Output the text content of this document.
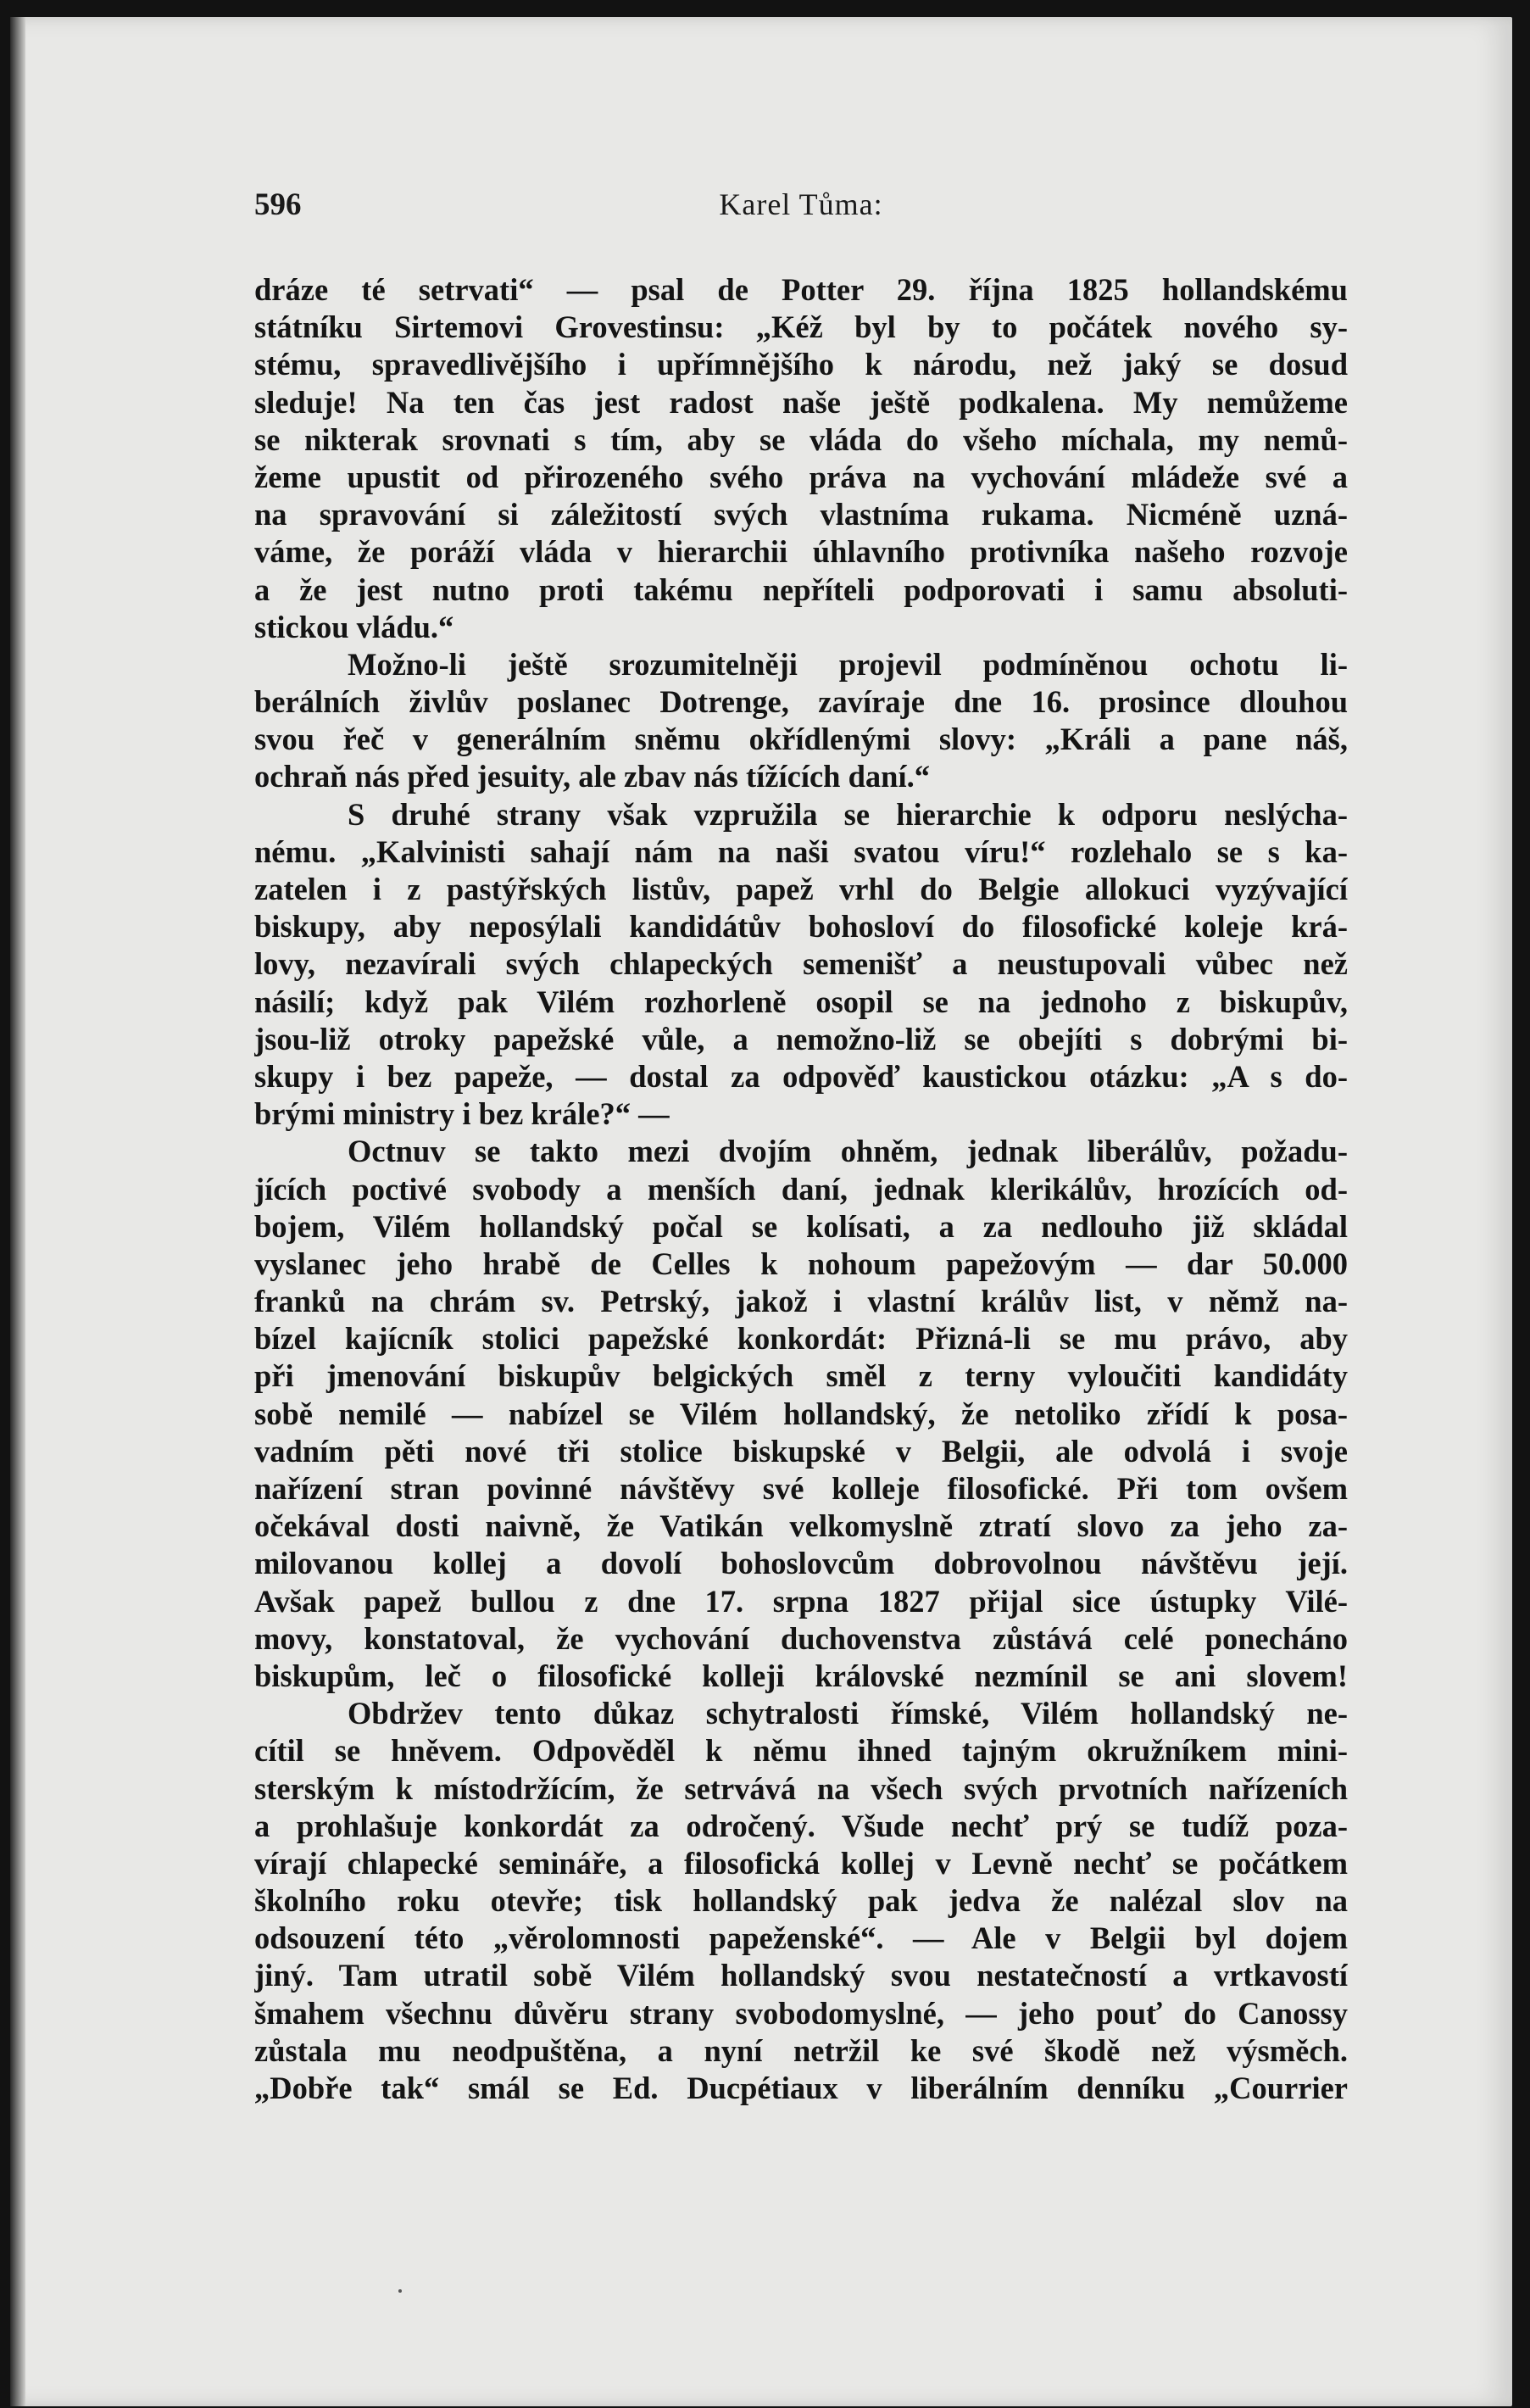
596	Karel Tůma:
dráze té setrvati“ — psal de Potter 29. října 1825 hollandskému
státníku Sirtemovi Grovestinsu: „Kéž byl by to počátek nového sy-
stému, spravedlivějšího i upřímnějšího k národu, než jaký se dosud
sleduje! Na ten čas jest radost naše ještě podkalena. My nemůžeme
se nikterak srovnati s tím, aby se vláda do všeho míchala, my nemů-
žeme upustit od přirozeného svého práva na vychování mládeže své a
na spravování si záležitostí svých vlastníma rukama. Nicméně uzná-
váme, že poráží vláda v hierarchii úhlavního protivníka našeho rozvoje
a že jest nutno proti takému nepříteli podporovati i samu absoluti-
stickou vládu.“
Možno-li ještě srozumitelněji projevil podmíněnou ochotu li-
berálních živlův poslanec Dotrenge, zavíraje dne 16. prosince dlouhou
svou řeč v generálním sněmu okřídlenými slovy: „Králi a pane náš,
ochraň nás před jesuity, ale zbav nás tížících daní.“
S druhé strany však vzpružila se hierarchie k odporu neslýcha-
nému. „Kalvinisti sahají nám na naši svatou víru!“ rozlehalo se s ka-
zatelen i z pastýřských listův, papež vrhl do Belgie allokuci vyzývající
biskupy, aby neposýlali kandidátův bohosloví do filosofické koleje krá-
lovy, nezavírali svých chlapeckých semenišť a neustupovali vůbec než
násilí; když pak Vilém rozhorleně osopil se na jednoho z biskupův,
jsou-liž otroky papežské vůle, a nemožno-liž se obejíti s dobrými bi-
skupy i bez papeže, — dostal za odpověď kaustickou otázku: „A s do-
brými ministry i bez krále?“ —
Octnuv se takto mezi dvojím ohněm, jednak liberálův, požadu-
jících poctivé svobody a menších daní, jednak klerikálův, hrozících od-
bojem, Vilém hollandský počal se kolísati, a za nedlouho již skládal
vyslanec jeho hrabě de Celles k nohoum papežovým — dar 50.000
franků na chrám sv. Petrský, jakož i vlastní králův list, v němž na-
bízel kajícník stolici papežské konkordát: Přizná-li se mu právo, aby
při jmenování biskupův belgických směl z terny vyloučiti kandidáty
sobě nemilé — nabízel se Vilém hollandský, že netoliko zřídí k posa-
vadním pěti nové tři stolice biskupské v Belgii, ale odvolá i svoje
nařízení stran povinné návštěvy své kolleje filosofické. Při tom ovšem
očekával dosti naivně, že Vatikán velkomyslně ztratí slovo za jeho za-
milovanou kollej a dovolí bohoslovcům dobrovolnou návštěvu její.
Avšak papež bullou z dne 17. srpna 1827 přijal sice ústupky Vilé-
movy, konstatoval, že vychování duchovenstva zůstává celé ponecháno
biskupům, leč o filosofické kolleji královské nezmínil se ani slovem!
Obdržev tento důkaz schytralosti římské, Vilém hollandský ne-
cítil se hněvem. Odpověděl k němu ihned tajným okružníkem mini-
sterským k místodržícím, že setrvává na všech svých prvotních nařízeních
a prohlašuje konkordát za odročený. Všude nechť prý se tudíž poza-
vírají chlapecké semináře, a filosofická kollej v Levně nechť se počátkem
školního roku otevře; tisk hollandský pak jedva že nalézal slov na
odsouzení této „věrolomnosti papeženské“. — Ale v Belgii byl dojem
jiný. Tam utratil sobě Vilém hollandský svou nestatečností a vrtkavostí
šmahem všechnu důvěru strany svobodomyslné, — jeho pouť do Canossy
zůstala mu neodpuštěna, a nyní netržil ke své škodě než výsměch.
„Dobře tak“ smál se Ed. Ducpétiaux v liberálním denníku „Courrier
